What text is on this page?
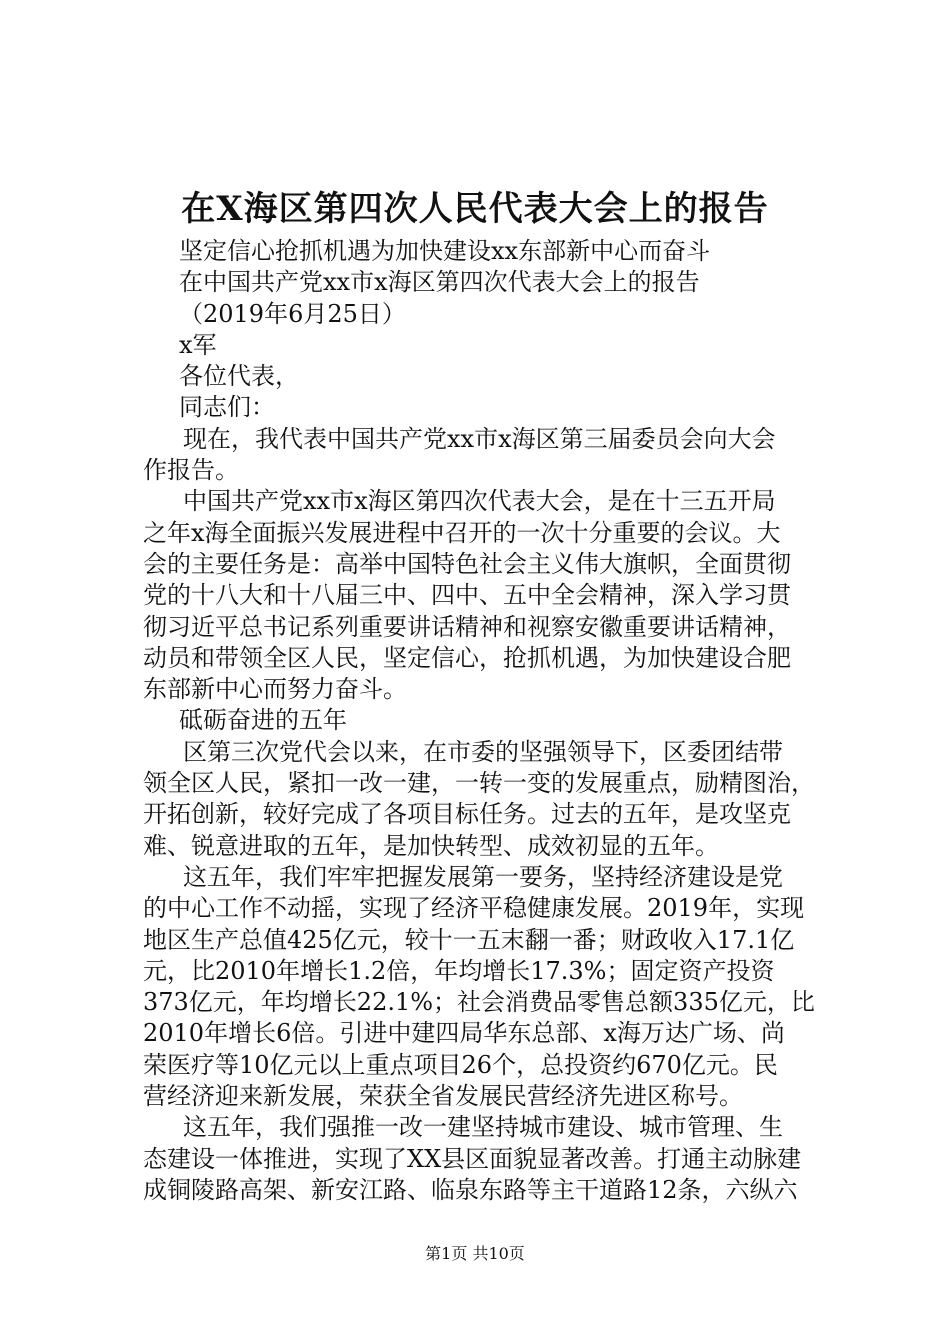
在X海区第四次人民代表大会上的报告
坚定信心抢抓机遇为加快建设xx东部新中心而奋斗
在中国共产党xx市x海区第四次代表大会上的报告
（2019年6月25日）
x军
各位代表，
同志们：
现在，我代表中国共产党xx市x海区第三届委员会向大会
作报告。
中国共产党xx市x海区第四次代表大会，是在十三五开局
之年x海全面振兴发展进程中召开的一次十分重要的会议。大
会的主要任务是：高举中国特色社会主义伟大旗帜，全面贯彻
党的十八大和十八届三中、四中、五中全会精神，深入学习贯
彻习近平总书记系列重要讲话精神和视察安徽重要讲话精神，
动员和带领全区人民，坚定信心，抢抓机遇，为加快建设合肥
东部新中心而努力奋斗。
砥砺奋进的五年
区第三次党代会以来，在市委的坚强领导下，区委团结带
领全区人民，紧扣一改一建，一转一变的发展重点，励精图治，
开拓创新，较好完成了各项目标任务。过去的五年，是攻坚克
难、锐意进取的五年，是加快转型、成效初显的五年。
这五年，我们牢牢把握发展第一要务，坚持经济建设是党
的中心工作不动摇，实现了经济平稳健康发展。2019年，实现
地区生产总值425亿元，较十一五末翻一番；财政收入17.1亿
元，比2010年增长1.2倍，年均增长17.3%；固定资产投资
373亿元，年均增长22.1%；社会消费品零售总额335亿元，比
2010年增长6倍。引进中建四局华东总部、x海万达广场、尚
荣医疗等10亿元以上重点项目26个，总投资约670亿元。民
营经济迎来新发展，荣获全省发展民营经济先进区称号。
这五年，我们强推一改一建坚持城市建设、城市管理、生
态建设一体推进，实现了XX县区面貌显著改善。打通主动脉建
成铜陵路高架、新安江路、临泉东路等主干道路12条，六纵六
第1页 共10页
